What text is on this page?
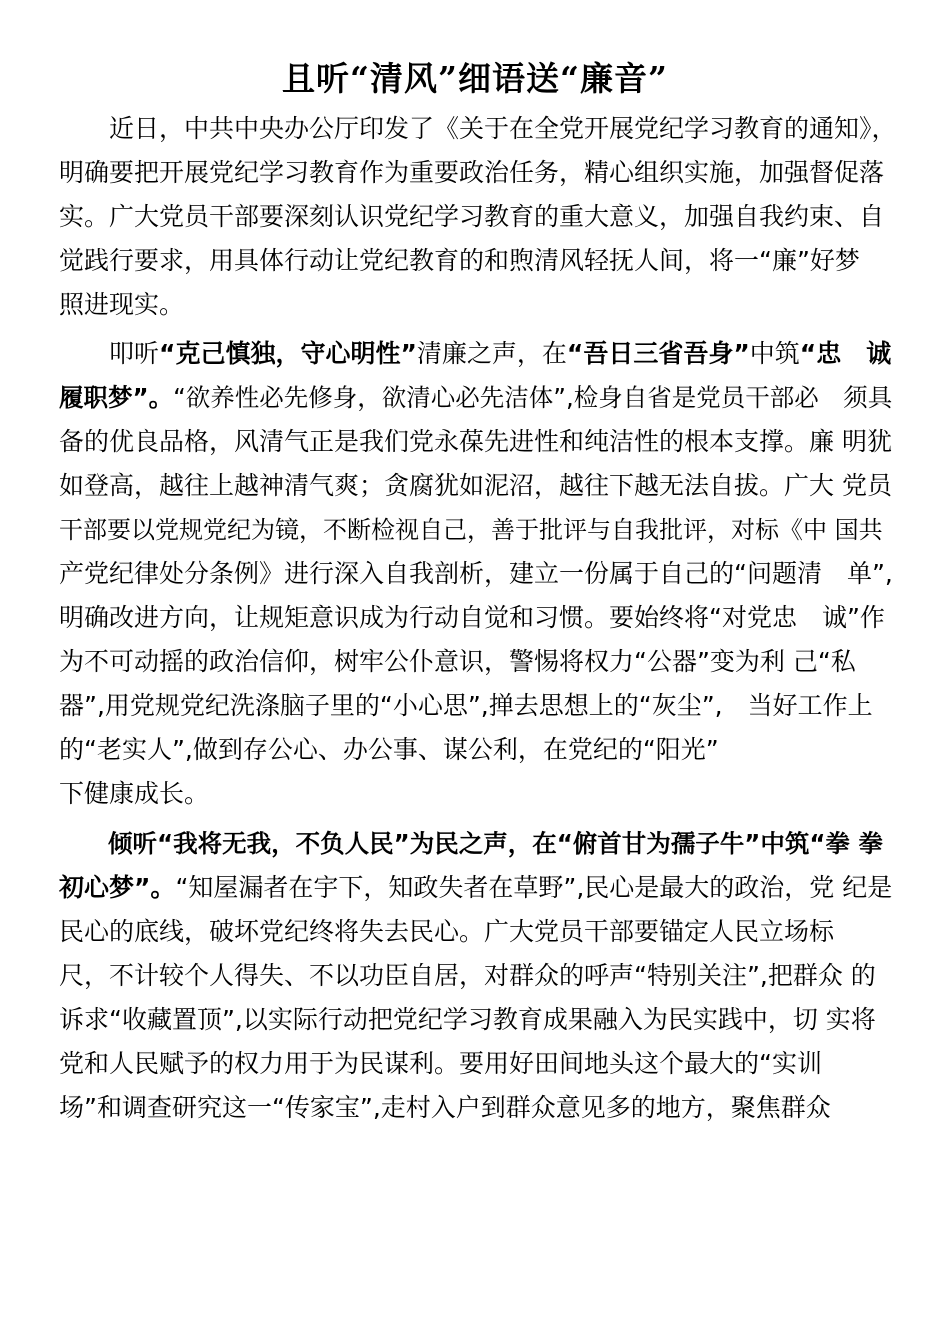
且听“清风”细语送“廉音”
　　近日，中共中央办公厅印发了《关于在全党开展党纪学习教育的通知》，
明确要把开展党纪学习教育作为重要政治任务，精心组织实施，加强督促落
实。广大党员干部要深刻认识党纪学习教育的重大意义，加强自我约束、自
觉践行要求，用具体行动让党纪教育的和煦清风轻抚人间，将一“廉”好梦
照进现实。
　　叩听“克己慎独，守心明性”清廉之声，在“吾日三省吾身”中筑“忠　诚
履职梦”。“欲养性必先修身，欲清心必先洁体”,检身自省是党员干部必　须具
备的优良品格，风清气正是我们党永葆先进性和纯洁性的根本支撑。廉 明犹
如登高，越往上越神清气爽；贪腐犹如泥沼，越往下越无法自拔。广大 党员
干部要以党规党纪为镜，不断检视自己，善于批评与自我批评，对标《中 国共
产党纪律处分条例》进行深入自我剖析，建立一份属于自己的“问题清　单”,
明确改进方向，让规矩意识成为行动自觉和习惯。要始终将“对党忠　诚”作
为不可动摇的政治信仰，树牢公仆意识，警惕将权力“公器”变为利 己“私
器”,用党规党纪洗涤脑子里的“小心思”,掸去思想上的“灰尘”,　当好工作上
的“老实人”,做到存公心、办公事、谋公利，在党纪的“阳光”
下健康成长。
　　倾听“我将无我，不负人民”为民之声，在“俯首甘为孺子牛”中筑“拳 拳
初心梦”。“知屋漏者在宇下，知政失者在草野”,民心是最大的政治，党 纪是
民心的底线，破坏党纪终将失去民心。广大党员干部要锚定人民立场标
尺，不计较个人得失、不以功臣自居，对群众的呼声“特别关注”,把群众 的
诉求“收藏置顶”,以实际行动把党纪学习教育成果融入为民实践中，切 实将
党和人民赋予的权力用于为民谋利。要用好田间地头这个最大的“实训
场”和调查研究这一“传家宝”,走村入户到群众意见多的地方，聚焦群众
